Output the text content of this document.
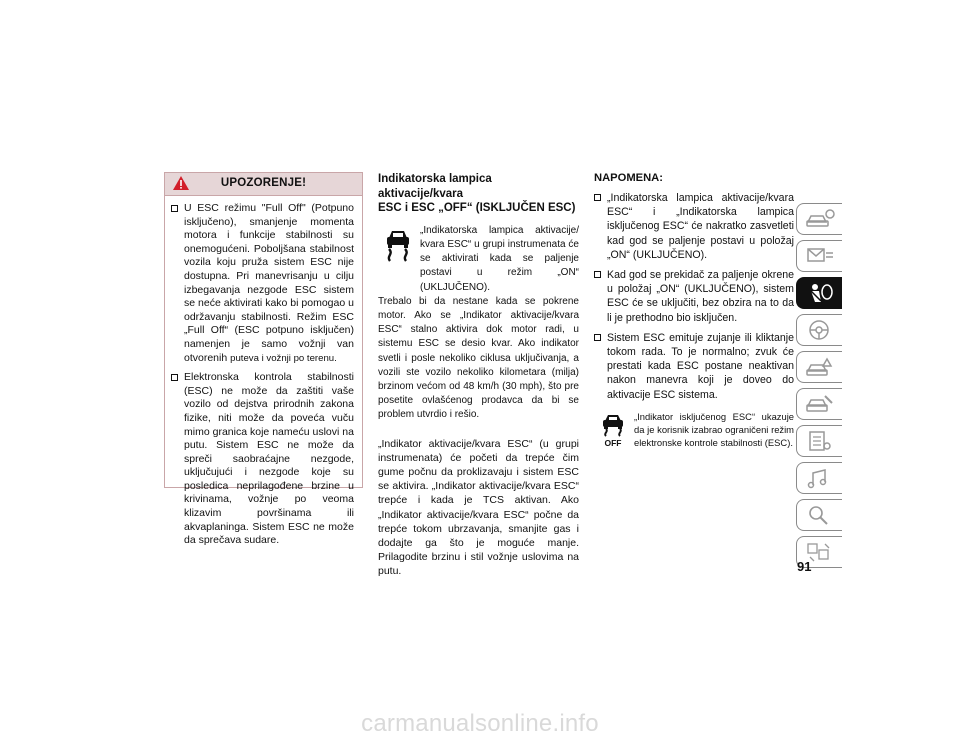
UPOZORENJE!
U ESC režimu "Full Off" (Potpuno isključeno), smanjenje momenta motora i funkcije stabilnosti su onemogućeni. Poboljšana stabilnost vozila koju pruža sistem ESC nije dostupna. Pri manevrisanju u cilju izbegavanja nezgode ESC sistem se neće aktivirati kako bi pomogao u održavanju stabilnosti. Režim ESC „Full Off“ (ESC potpuno isključen) namenjen je samo vožnji van otvorenih puteva i vožnji po terenu.
Elektronska kontrola stabilnosti (ESC) ne može da zaštiti vaše vozilo od dejstva prirodnih zakona fizike, niti može da poveća vuču mimo granica koje nameću uslovi na putu. Sistem ESC ne može da spreči saobraćajne nezgode, uključujući i nezgode koje su posledica neprilagođene brzine u krivinama, vožnje po veoma klizavim površinama ili akvaplaninga. Sistem ESC ne može da sprečava sudare.
Indikatorska lampica aktivacije/kvara
ESC i ESC „OFF“ (ISKLJUČEN ESC)
„Indikatorska lampica aktivacije/ kvara ESC“ u grupi instrumenata će se aktivirati kada se paljenje postavi u režim „ON“ (UKLJUČENO).
Trebalo bi da nestane kada se pokrene motor. Ako se „Indikator aktivacije/kvara ESC“ stalno aktivira dok motor radi, u sistemu ESC se desio kvar. Ako indikator svetli i posle nekoliko ciklusa uključivanja, a vozili ste vozilo nekoliko kilometara (milja) brzinom većom od 48 km/h (30 mph), što pre posetite ovlašćenog prodavca da bi se problem utvrdio i rešio.
„Indikator aktivacije/kvara ESC“ (u grupi instrumenata) će početi da trepće čim gume počnu da proklizavaju i sistem ESC se aktivira. „Indikator aktivacije/kvara ESC“ trepće i kada je TCS aktivan. Ako „Indikator aktivacije/kvara ESC“ počne da trepće tokom ubrzavanja, smanjite gas i dodajte ga što je moguće manje. Prilagodite brzinu i stil vožnje uslovima na putu.
NAPOMENA:
„Indikatorska lampica aktivacije/kvara ESC“ i „Indikatorska lampica isključenog ESC“ će nakratko zasvetleti kad god se paljenje postavi u položaj „ON“ (UKLJUČENO).
Kad god se prekidač za paljenje okrene u položaj „ON“ (UKLJUČENO), sistem ESC će se uključiti, bez obzira na to da li je prethodno bio isključen.
Sistem ESC emituje zujanje ili kliktanje tokom rada. To je normalno; zvuk će prestati kada ESC postane neaktivan nakon manevra koji je doveo do aktivacije ESC sistema.
OFF
„Indikator isključenog ESC“ ukazuje da je korisnik izabrao ograničeni režim elektronske kontrole stabilnosti (ESC).
91
carmanualsonline.info
